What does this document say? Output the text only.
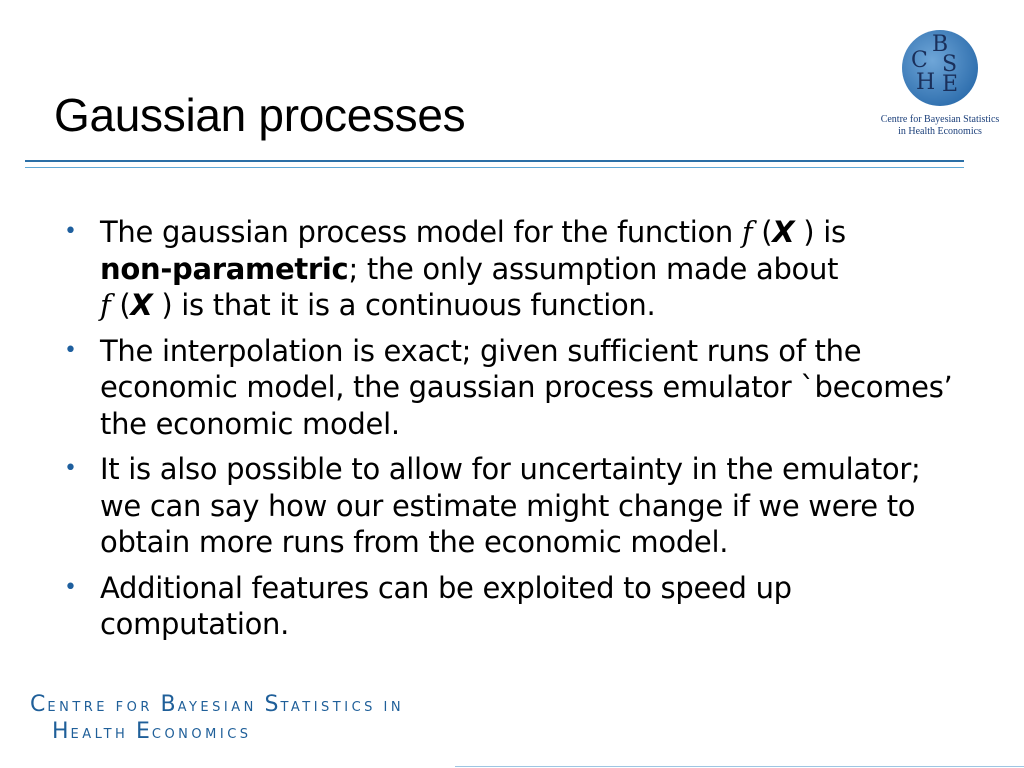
Gaussian processes
B
C S
H E
Centre for Bayesian Statistics
in Health Economics
• The gaussian process model for the function f (X ) is
non-parametric; the only assumption made about
f (X ) is that it is a continuous function.
• The interpolation is exact; given sufficient runs of the economic model, the gaussian process emulator `becomes’ the economic model.
• It is also possible to allow for uncertainty in the emulator; we can say how our estimate might change if we were to obtain more runs from the economic model.
• Additional features can be exploited to speed up computation.
CENTRE FOR BAYESIAN STATISTICS IN
HEALTH ECONOMICS
